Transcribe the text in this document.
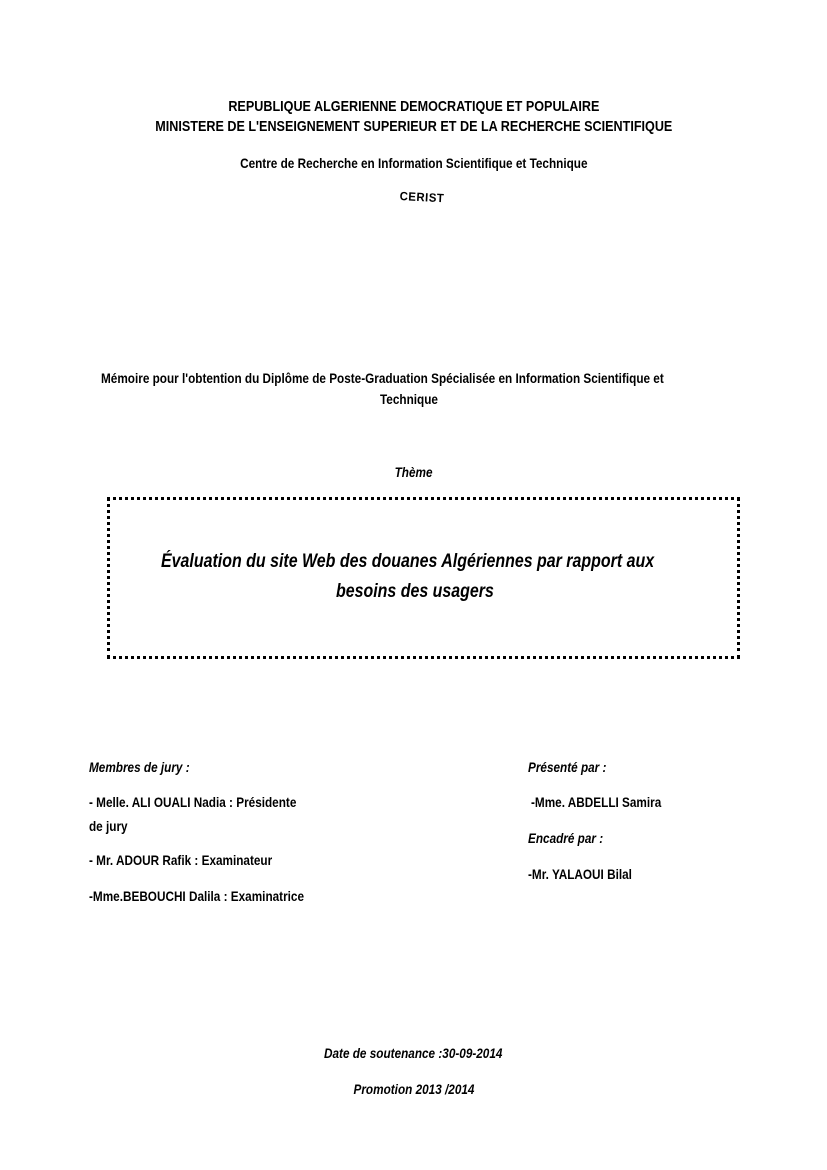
REPUBLIQUE ALGERIENNE DEMOCRATIQUE ET POPULAIRE
MINISTERE DE L'ENSEIGNEMENT SUPERIEUR ET DE LA RECHERCHE SCIENTIFIQUE
Centre de Recherche en Information Scientifique et Technique
CERIST
Mémoire pour l'obtention du Diplôme de Poste-Graduation Spécialisée en Information Scientifique et
Technique
Thème
Évaluation du site Web des douanes Algériennes par rapport aux
besoins des usagers
Membres de jury :
- Melle. ALI OUALI Nadia : Présidente
de jury
- Mr. ADOUR Rafik : Examinateur
-Mme.BEBOUCHI Dalila : Examinatrice
Présenté par :
-Mme. ABDELLI Samira
Encadré par :
-Mr. YALAOUI Bilal
Date de soutenance :30-09-2014
Promotion 2013 /2014
